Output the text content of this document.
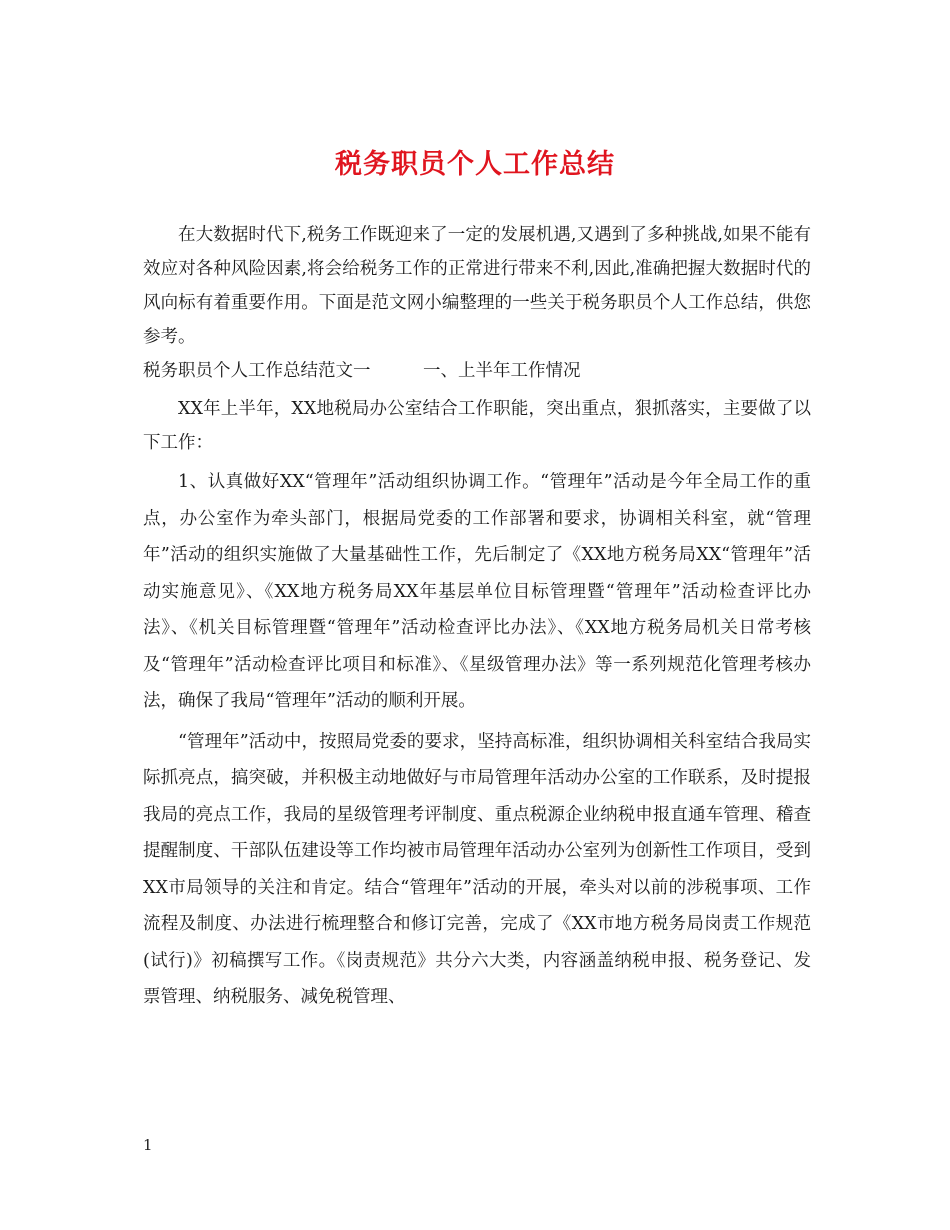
税务职员个人工作总结

在大数据时代下,税务工作既迎来了一定的发展机遇,又遇到了多种挑战,如果不能有效应对各种风险因素,将会给税务工作的正常进行带来不利,因此,准确把握大数据时代的风向标有着重要作用。下面是范文网小编整理的一些关于税务职员个人工作总结，供您参考。

税务职员个人工作总结范文一　　　一、上半年工作情况

XX年上半年，XX地税局办公室结合工作职能，突出重点，狠抓落实，主要做了以下工作：

1、认真做好XX“管理年”活动组织协调工作。“管理年”活动是今年全局工作的重点，办公室作为牵头部门，根据局党委的工作部署和要求，协调相关科室，就“管理年”活动的组织实施做了大量基础性工作，先后制定了《XX地方税务局XX“管理年”活动实施意见》、《XX地方税务局XX年基层单位目标管理暨“管理年”活动检查评比办法》、《机关目标管理暨“管理年”活动检查评比办法》、《XX地方税务局机关日常考核及“管理年”活动检查评比项目和标准》、《星级管理办法》等一系列规范化管理考核办法，确保了我局“管理年”活动的顺利开展。

“管理年”活动中，按照局党委的要求，坚持高标准，组织协调相关科室结合我局实际抓亮点，搞突破，并积极主动地做好与市局管理年活动办公室的工作联系，及时提报我局的亮点工作，我局的星级管理考评制度、重点税源企业纳税申报直通车管理、稽查提醒制度、干部队伍建设等工作均被市局管理年活动办公室列为创新性工作项目，受到XX市局领导的关注和肯定。结合“管理年”活动的开展，牵头对以前的涉税事项、工作流程及制度、办法进行梳理整合和修订完善，完成了《XX市地方税务局岗责工作规范(试行)》初稿撰写工作。《岗责规范》共分六大类，内容涵盖纳税申报、税务登记、发票管理、纳税服务、减免税管理、

1
